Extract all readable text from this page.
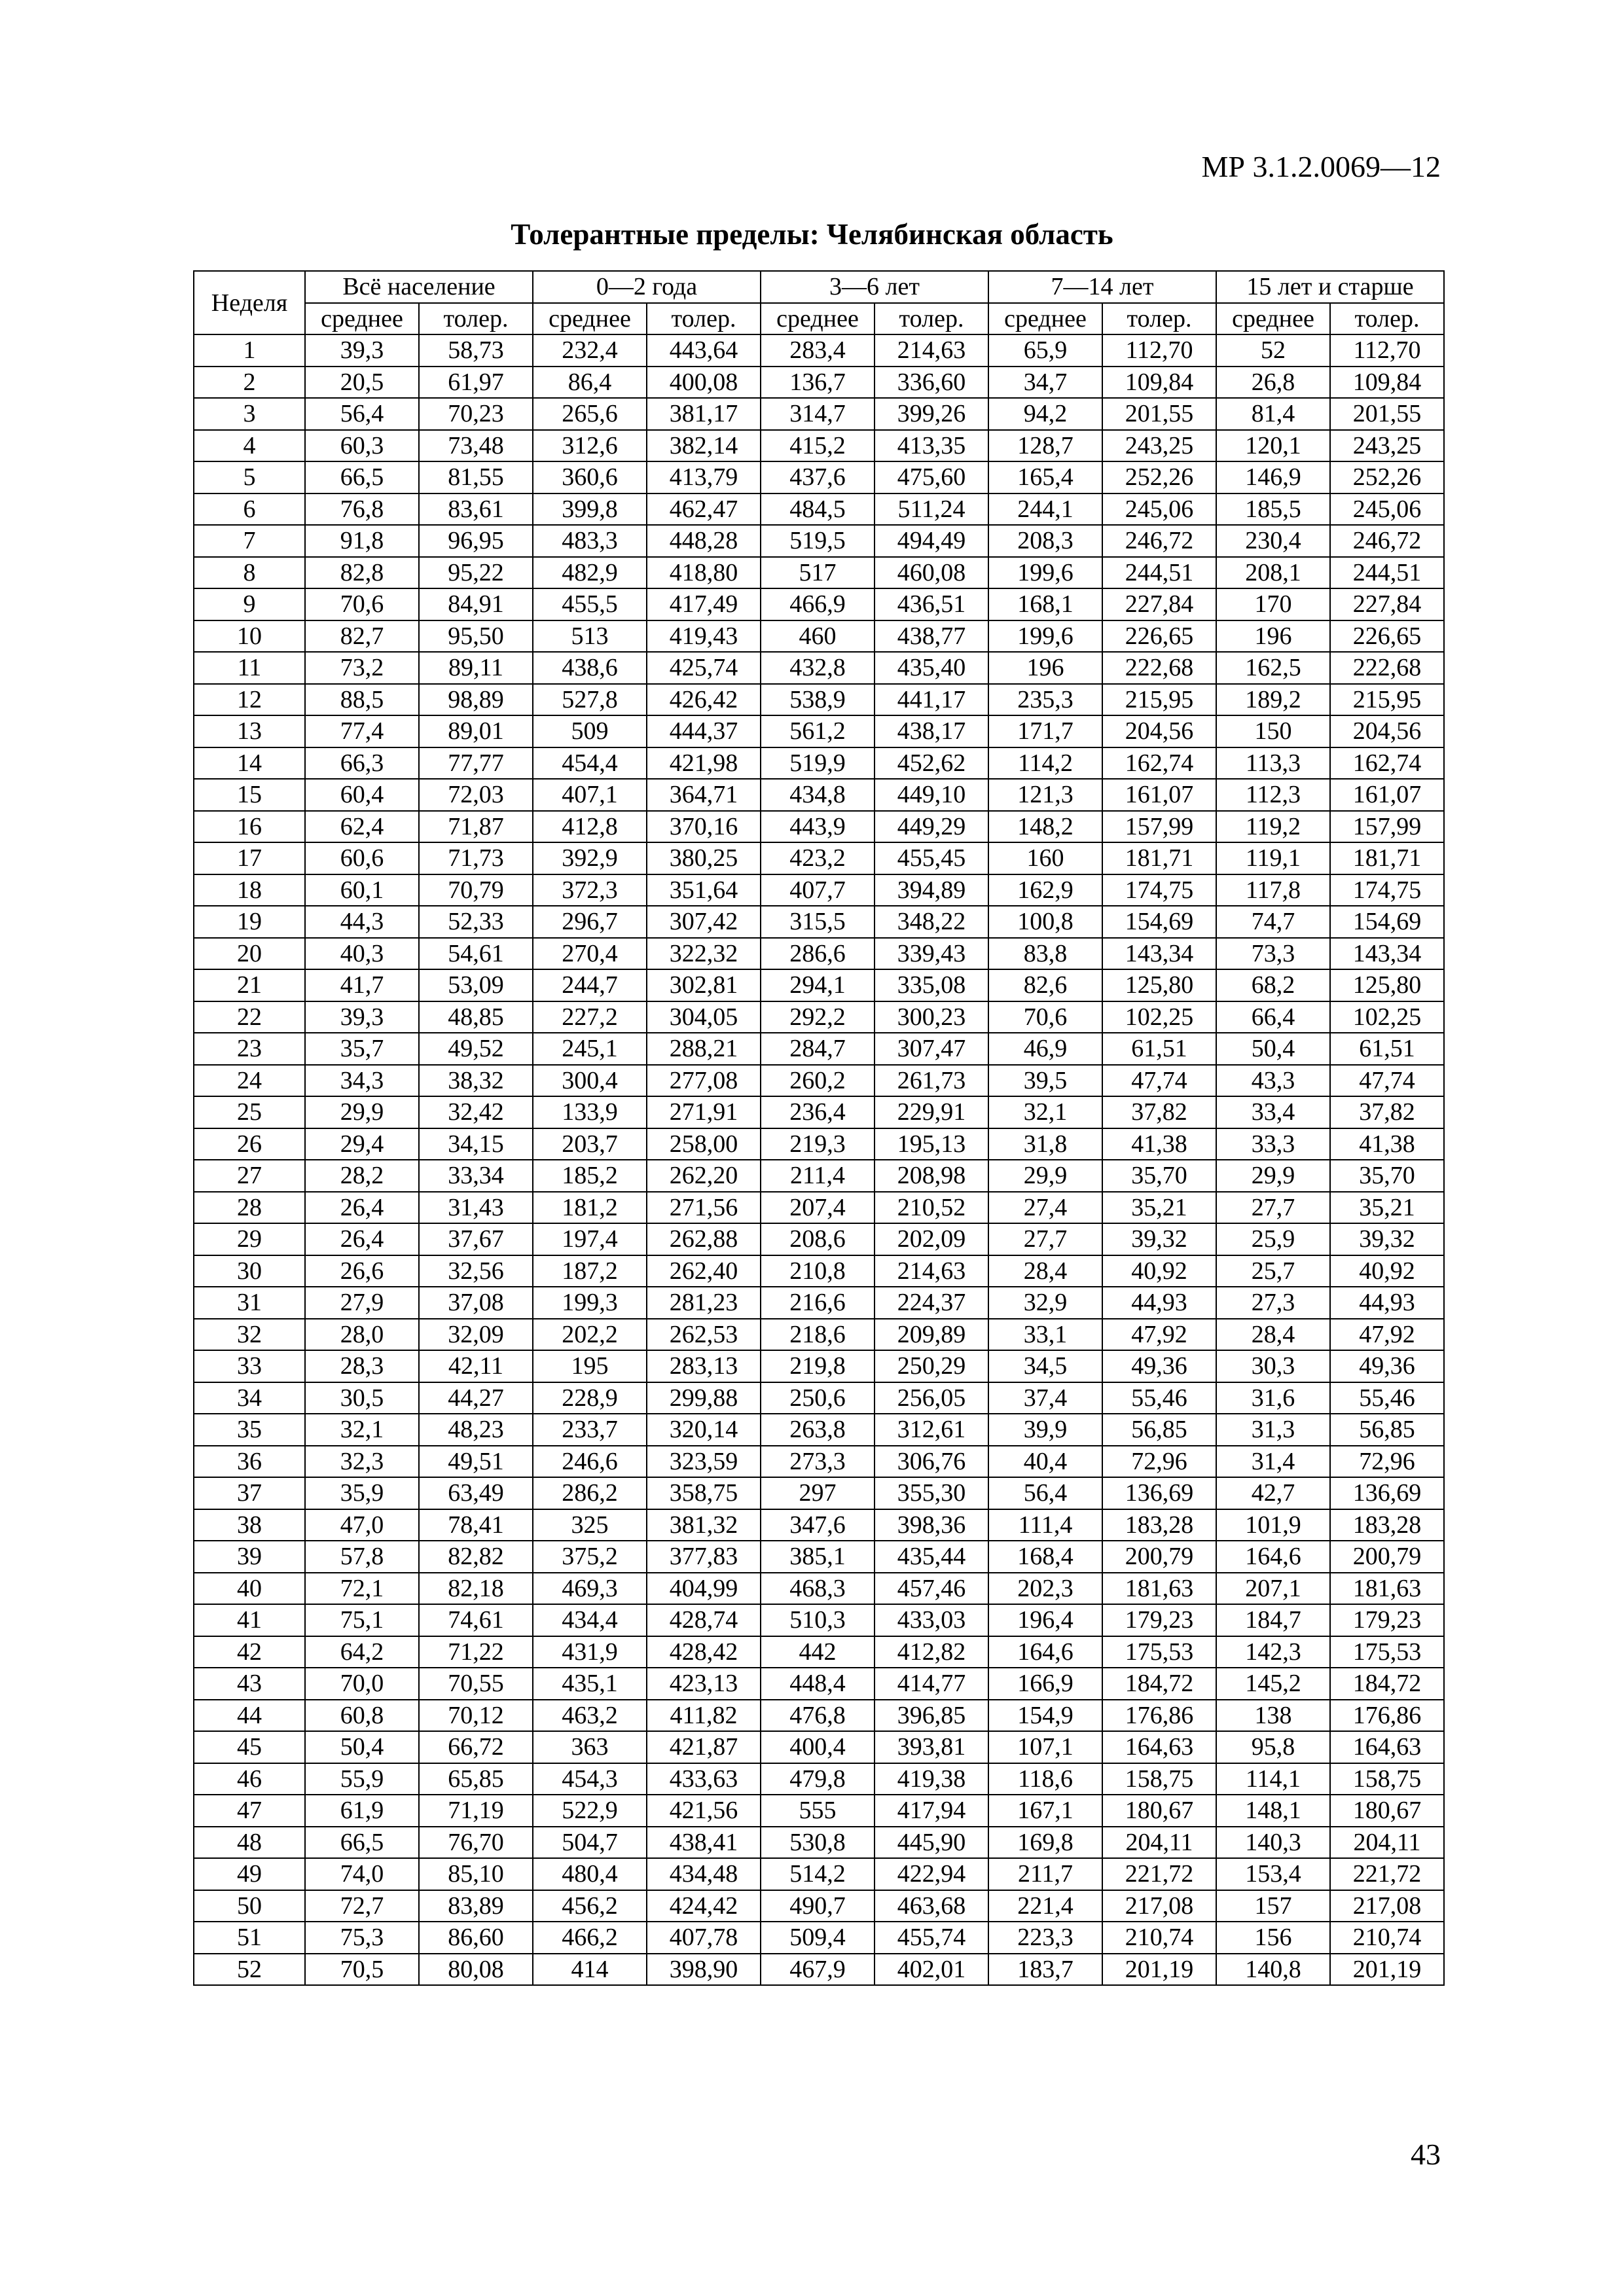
МР 3.1.2.0069—12
Толерантные пределы: Челябинская область
Неделя	Всё население		0—2 года		3—6 лет		7—14 лет		15 лет и старше	
	среднее	толер.	среднее	толер.	среднее	толер.	среднее	толер.	среднее	толер.
1	39,3	58,73	232,4	443,64	283,4	214,63	65,9	112,70	52	112,70
2	20,5	61,97	86,4	400,08	136,7	336,60	34,7	109,84	26,8	109,84
3	56,4	70,23	265,6	381,17	314,7	399,26	94,2	201,55	81,4	201,55
4	60,3	73,48	312,6	382,14	415,2	413,35	128,7	243,25	120,1	243,25
5	66,5	81,55	360,6	413,79	437,6	475,60	165,4	252,26	146,9	252,26
6	76,8	83,61	399,8	462,47	484,5	511,24	244,1	245,06	185,5	245,06
7	91,8	96,95	483,3	448,28	519,5	494,49	208,3	246,72	230,4	246,72
8	82,8	95,22	482,9	418,80	517	460,08	199,6	244,51	208,1	244,51
9	70,6	84,91	455,5	417,49	466,9	436,51	168,1	227,84	170	227,84
10	82,7	95,50	513	419,43	460	438,77	199,6	226,65	196	226,65
11	73,2	89,11	438,6	425,74	432,8	435,40	196	222,68	162,5	222,68
12	88,5	98,89	527,8	426,42	538,9	441,17	235,3	215,95	189,2	215,95
13	77,4	89,01	509	444,37	561,2	438,17	171,7	204,56	150	204,56
14	66,3	77,77	454,4	421,98	519,9	452,62	114,2	162,74	113,3	162,74
15	60,4	72,03	407,1	364,71	434,8	449,10	121,3	161,07	112,3	161,07
16	62,4	71,87	412,8	370,16	443,9	449,29	148,2	157,99	119,2	157,99
17	60,6	71,73	392,9	380,25	423,2	455,45	160	181,71	119,1	181,71
18	60,1	70,79	372,3	351,64	407,7	394,89	162,9	174,75	117,8	174,75
19	44,3	52,33	296,7	307,42	315,5	348,22	100,8	154,69	74,7	154,69
20	40,3	54,61	270,4	322,32	286,6	339,43	83,8	143,34	73,3	143,34
21	41,7	53,09	244,7	302,81	294,1	335,08	82,6	125,80	68,2	125,80
22	39,3	48,85	227,2	304,05	292,2	300,23	70,6	102,25	66,4	102,25
23	35,7	49,52	245,1	288,21	284,7	307,47	46,9	61,51	50,4	61,51
24	34,3	38,32	300,4	277,08	260,2	261,73	39,5	47,74	43,3	47,74
25	29,9	32,42	133,9	271,91	236,4	229,91	32,1	37,82	33,4	37,82
26	29,4	34,15	203,7	258,00	219,3	195,13	31,8	41,38	33,3	41,38
27	28,2	33,34	185,2	262,20	211,4	208,98	29,9	35,70	29,9	35,70
28	26,4	31,43	181,2	271,56	207,4	210,52	27,4	35,21	27,7	35,21
29	26,4	37,67	197,4	262,88	208,6	202,09	27,7	39,32	25,9	39,32
30	26,6	32,56	187,2	262,40	210,8	214,63	28,4	40,92	25,7	40,92
31	27,9	37,08	199,3	281,23	216,6	224,37	32,9	44,93	27,3	44,93
32	28,0	32,09	202,2	262,53	218,6	209,89	33,1	47,92	28,4	47,92
33	28,3	42,11	195	283,13	219,8	250,29	34,5	49,36	30,3	49,36
34	30,5	44,27	228,9	299,88	250,6	256,05	37,4	55,46	31,6	55,46
35	32,1	48,23	233,7	320,14	263,8	312,61	39,9	56,85	31,3	56,85
36	32,3	49,51	246,6	323,59	273,3	306,76	40,4	72,96	31,4	72,96
37	35,9	63,49	286,2	358,75	297	355,30	56,4	136,69	42,7	136,69
38	47,0	78,41	325	381,32	347,6	398,36	111,4	183,28	101,9	183,28
39	57,8	82,82	375,2	377,83	385,1	435,44	168,4	200,79	164,6	200,79
40	72,1	82,18	469,3	404,99	468,3	457,46	202,3	181,63	207,1	181,63
41	75,1	74,61	434,4	428,74	510,3	433,03	196,4	179,23	184,7	179,23
42	64,2	71,22	431,9	428,42	442	412,82	164,6	175,53	142,3	175,53
43	70,0	70,55	435,1	423,13	448,4	414,77	166,9	184,72	145,2	184,72
44	60,8	70,12	463,2	411,82	476,8	396,85	154,9	176,86	138	176,86
45	50,4	66,72	363	421,87	400,4	393,81	107,1	164,63	95,8	164,63
46	55,9	65,85	454,3	433,63	479,8	419,38	118,6	158,75	114,1	158,75
47	61,9	71,19	522,9	421,56	555	417,94	167,1	180,67	148,1	180,67
48	66,5	76,70	504,7	438,41	530,8	445,90	169,8	204,11	140,3	204,11
49	74,0	85,10	480,4	434,48	514,2	422,94	211,7	221,72	153,4	221,72
50	72,7	83,89	456,2	424,42	490,7	463,68	221,4	217,08	157	217,08
51	75,3	86,60	466,2	407,78	509,4	455,74	223,3	210,74	156	210,74
52	70,5	80,08	414	398,90	467,9	402,01	183,7	201,19	140,8	201,19
43
